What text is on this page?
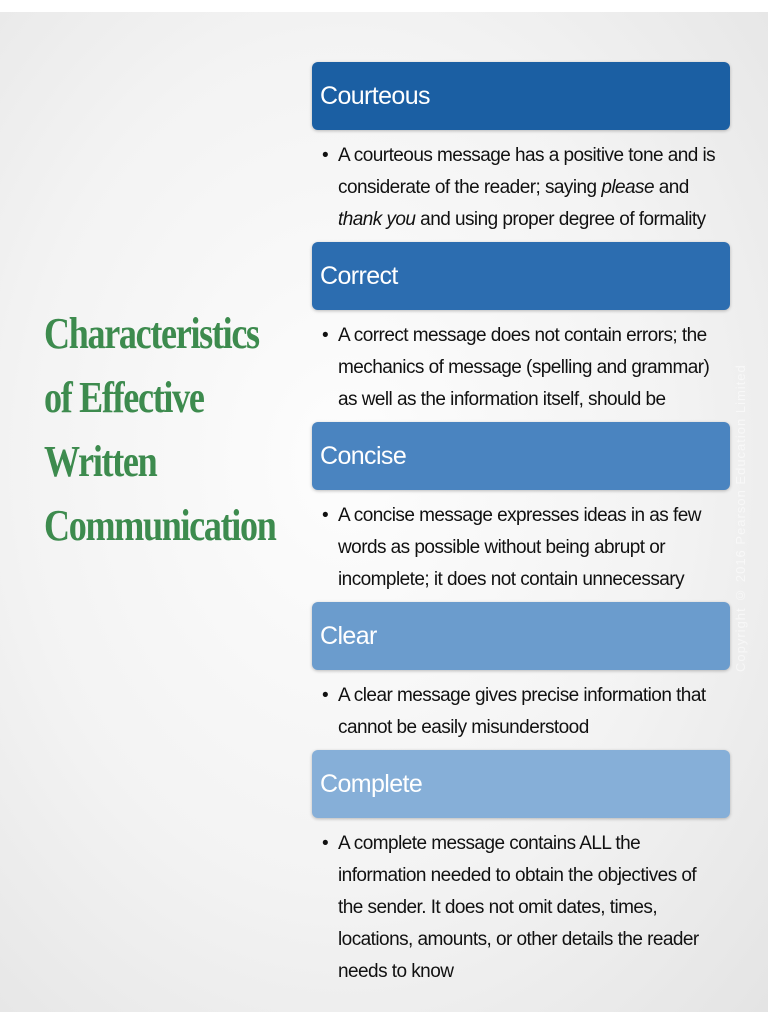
Characteristics
of Effective
Written
Communication
Courteous
• A courteous message has a positive tone and is considerate of the reader; saying please and thank you and using proper degree of formality
Correct
• A correct message does not contain errors; the mechanics of message (spelling and grammar) as well as the information itself, should be
Concise
• A concise message expresses ideas in as few words as possible without being abrupt or incomplete; it does not contain unnecessary
Clear
• A clear message gives precise information that cannot be easily misunderstood
Complete
• A complete message contains ALL the information needed to obtain the objectives of the sender. It does not omit dates, times, locations, amounts, or other details the reader needs to know
Copyright © 2016 Pearson Education Limited
